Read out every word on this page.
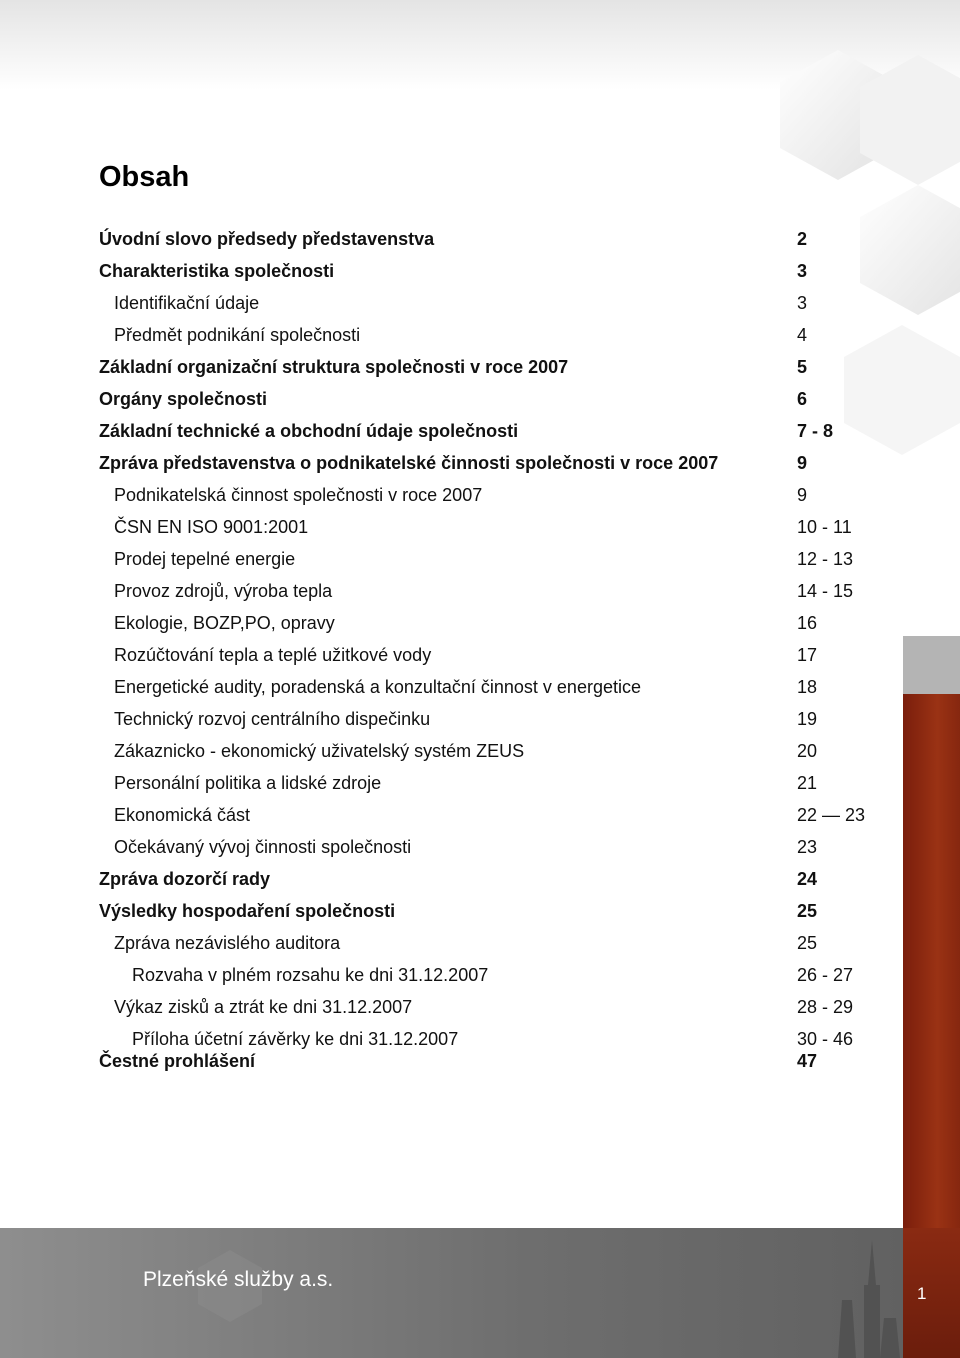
Obsah
Úvodní slovo předsedy představenstva	2
Charakteristika společnosti	3
Identifikační údaje	3
Předmět podnikání společnosti	4
Základní organizační struktura společnosti v roce 2007	5
Orgány společnosti	6
Základní technické a obchodní údaje společnosti	7 - 8
Zpráva představenstva o podnikatelské činnosti společnosti v roce 2007	9
Podnikatelská činnost společnosti v roce 2007	9
ČSN EN ISO 9001:2001	10 - 11
Prodej tepelné energie	12 - 13
Provoz zdrojů, výroba tepla	14 - 15
Ekologie, BOZP,PO, opravy	16
Rozúčtování tepla a teplé užitkové vody	17
Energetické audity, poradenská a konzultační činnost v energetice	18
Technický rozvoj centrálního dispečinku	19
Zákaznicko - ekonomický uživatelský systém ZEUS	20
Personální politika a lidské zdroje	21
Ekonomická část	22 — 23
Očekávaný vývoj činnosti společnosti	23
Zpráva dozorčí rady	24
Výsledky hospodaření společnosti	25
Zpráva nezávislého auditora	25
Rozvaha v plném rozsahu ke dni 31.12.2007	26 - 27
Výkaz zisků a ztrát ke dni 31.12.2007	28 - 29
Příloha účetní závěrky ke dni 31.12.2007	30 - 46
Čestné prohlášení	47
Plzeňské služby a.s.
1
